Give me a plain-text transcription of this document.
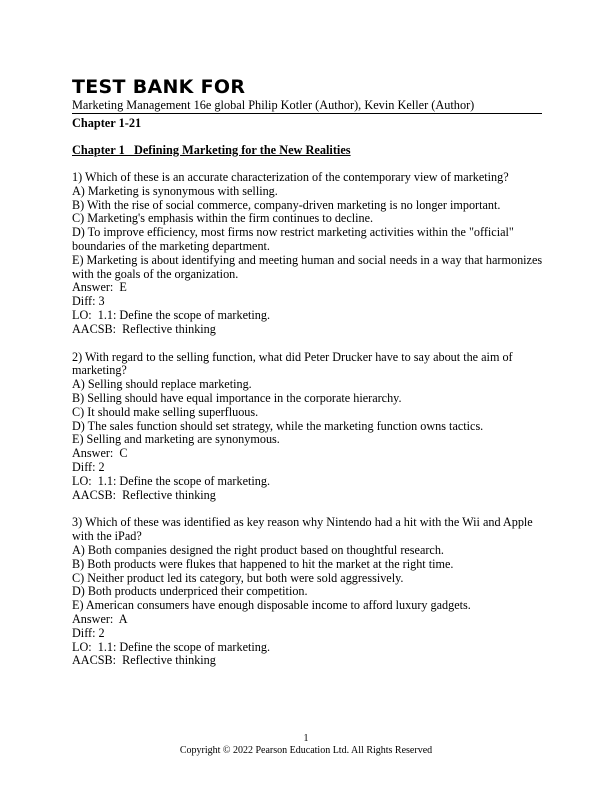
TEST BANK FOR
Marketing Management 16e global Philip Kotler (Author), Kevin Keller (Author)
Chapter 1-21
Chapter 1   Defining Marketing for the New Realities
1) Which of these is an accurate characterization of the contemporary view of marketing?
A) Marketing is synonymous with selling.
B) With the rise of social commerce, company-driven marketing is no longer important.
C) Marketing's emphasis within the firm continues to decline.
D) To improve efficiency, most firms now restrict marketing activities within the "official"
boundaries of the marketing department.
E) Marketing is about identifying and meeting human and social needs in a way that harmonizes
with the goals of the organization.
Answer:  E
Diff: 3
LO:  1.1: Define the scope of marketing.
AACSB:  Reflective thinking
2) With regard to the selling function, what did Peter Drucker have to say about the aim of
marketing?
A) Selling should replace marketing.
B) Selling should have equal importance in the corporate hierarchy.
C) It should make selling superfluous.
D) The sales function should set strategy, while the marketing function owns tactics.
E) Selling and marketing are synonymous.
Answer:  C
Diff: 2
LO:  1.1: Define the scope of marketing.
AACSB:  Reflective thinking
3) Which of these was identified as key reason why Nintendo had a hit with the Wii and Apple
with the iPad?
A) Both companies designed the right product based on thoughtful research.
B) Both products were flukes that happened to hit the market at the right time.
C) Neither product led its category, but both were sold aggressively.
D) Both products underpriced their competition.
E) American consumers have enough disposable income to afford luxury gadgets.
Answer:  A
Diff: 2
LO:  1.1: Define the scope of marketing.
AACSB:  Reflective thinking
1
Copyright © 2022 Pearson Education Ltd. All Rights Reserved
